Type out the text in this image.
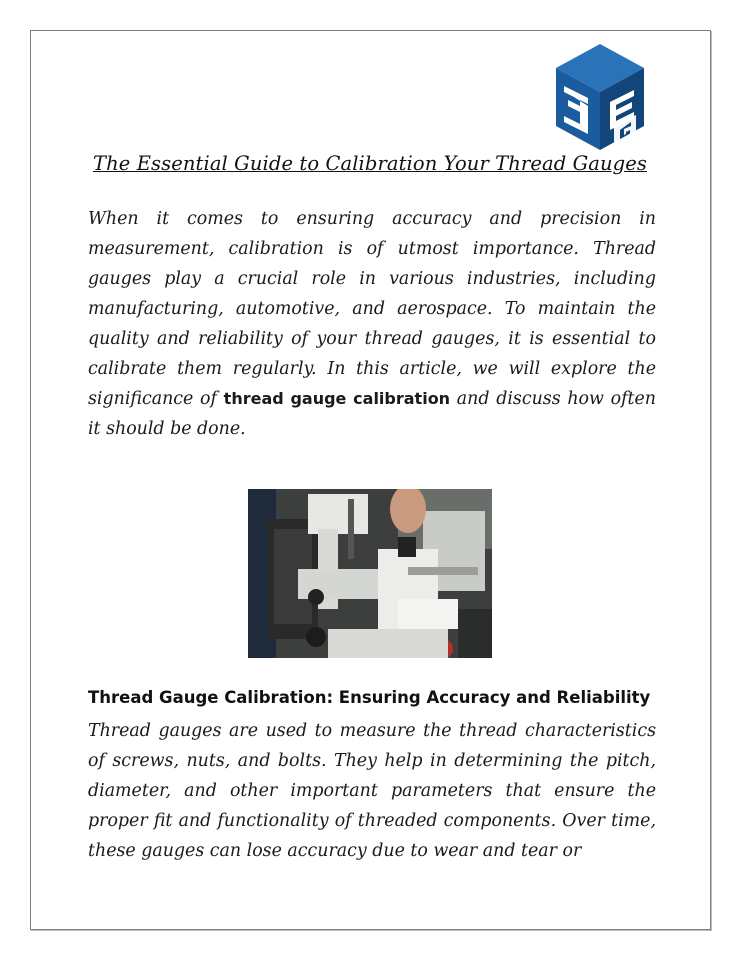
The Essential Guide to Calibration Your Thread Gauges

When it comes to ensuring accuracy and precision in measurement, calibration is of utmost importance. Thread gauges play a crucial role in various industries, including manufacturing, automotive, and aerospace. To maintain the quality and reliability of your thread gauges, it is essential to calibrate them regularly. In this article, we will explore the significance of thread gauge calibration and discuss how often it should be done.

Thread Gauge Calibration: Ensuring Accuracy and Reliability

Thread gauges are used to measure the thread characteristics of screws, nuts, and bolts. They help in determining the pitch, diameter, and other important parameters that ensure the proper fit and functionality of threaded components. Over time, these gauges can lose accuracy due to wear and tear or
